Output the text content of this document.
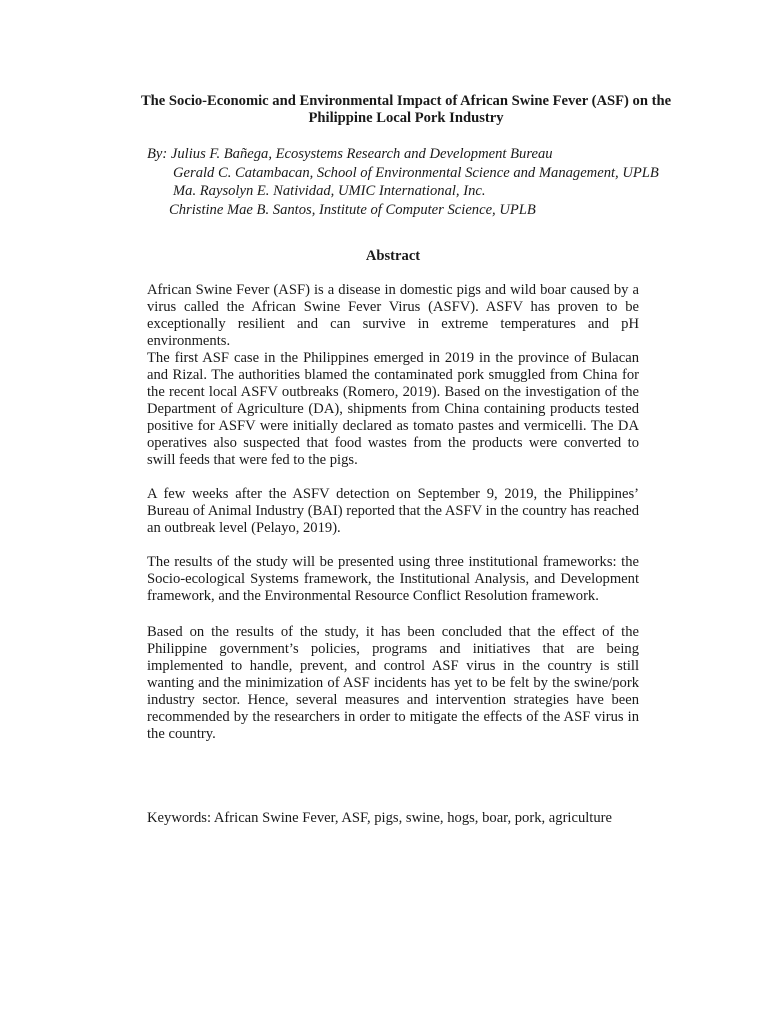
The Socio-Economic and Environmental Impact of African Swine Fever (ASF) on the
Philippine Local Pork Industry
By: Julius F. Bañega, Ecosystems Research and Development Bureau
Gerald C. Catambacan, School of Environmental Science and Management, UPLB
Ma. Raysolyn E. Natividad, UMIC International, Inc.
Christine Mae B. Santos, Institute of Computer Science, UPLB
Abstract

African Swine Fever (ASF) is a disease in domestic pigs and wild boar caused by a virus called the African Swine Fever Virus (ASFV). ASFV has proven to be exceptionally resilient and can survive in extreme temperatures and pH environments.

The first ASF case in the Philippines emerged in 2019 in the province of Bulacan and Rizal. The authorities blamed the contaminated pork smuggled from China for the recent local ASFV outbreaks (Romero, 2019). Based on the investigation of the Department of Agriculture (DA), shipments from China containing products tested positive for ASFV were initially declared as tomato pastes and vermicelli. The DA operatives also suspected that food wastes from the products were converted to swill feeds that were fed to the pigs.

A few weeks after the ASFV detection on September 9, 2019, the Philippines’ Bureau of Animal Industry (BAI) reported that the ASFV in the country has reached an outbreak level (Pelayo, 2019).

The results of the study will be presented using three institutional frameworks: the Socio-ecological Systems framework, the Institutional Analysis, and Development framework, and the Environmental Resource Conflict Resolution framework.

Based on the results of the study, it has been concluded that the effect of the Philippine government’s policies, programs and initiatives that are being implemented to handle, prevent, and control ASF virus in the country is still wanting and the minimization of ASF incidents has yet to be felt by the swine/pork industry sector. Hence, several measures and intervention strategies have been recommended by the researchers in order to mitigate the effects of the ASF virus in the country.

Keywords: African Swine Fever, ASF, pigs, swine, hogs, boar, pork, agriculture
